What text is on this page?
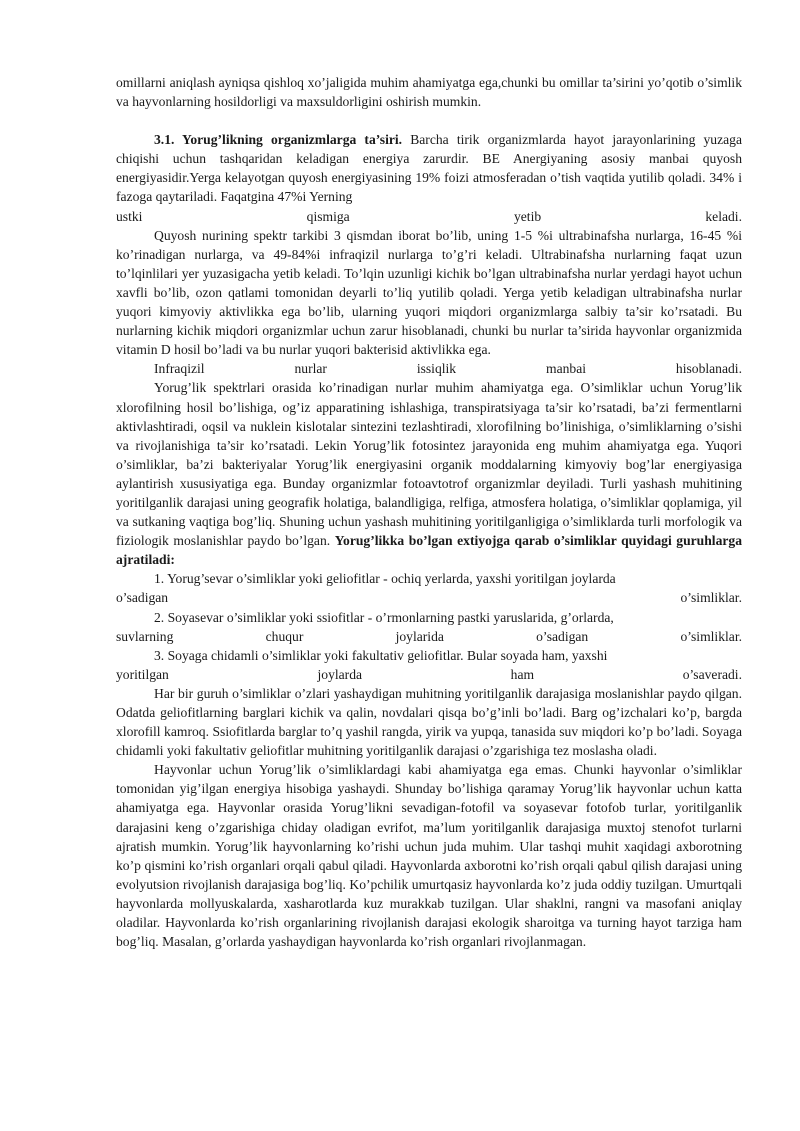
omillarni aniqlash ayniqsa qishloq xo’jaligida muhim ahamiyatga ega,chunki bu omillar ta’sirini yo’qotib o’simlik va hayvonlarning hosildorligi va maxsuldorligini oshirish mumkin.

3.1. Yorug’likning organizmlarga ta’siri. Barcha tirik organizmlarda hayot jarayonlarining yuzaga chiqishi uchun tashqaridan keladigan energiya zarurdir. BE Anergiyaning asosiy manbai quyosh energiyasidir.Yerga kelayotgan quyosh energiyasining 19% foizi atmosferadan o’tish vaqtida yutilib qoladi. 34% i fazoga qaytariladi. Faqatgina 47%i Yerning

ustki qismiga yetib keladi.

Quyosh nurining spektr tarkibi 3 qismdan iborat bo’lib, uning 1-5 %i ultrabinafsha nurlarga, 16-45 %i ko’rinadigan nurlarga, va 49-84%i infraqizil nurlarga to’g’ri keladi. Ultrabinafsha nurlarning faqat uzun to’lqinlilari yer yuzasigacha yetib keladi. To’lqin uzunligi kichik bo’lgan ultrabinafsha nurlar yerdagi hayot uchun xavfli bo’lib, ozon qatlami tomonidan deyarli to’liq yutilib qoladi. Yerga yetib keladigan ultrabinafsha nurlar yuqori kimyoviy aktivlikka ega bo’lib, ularning yuqori miqdori organizmlarga salbiy ta’sir ko’rsatadi. Bu nurlarning kichik miqdori organizmlar uchun zarur hisoblanadi, chunki bu nurlar ta’sirida hayvonlar organizmida vitamin D hosil bo’ladi va bu nurlar yuqori bakterisid aktivlikka ega.

Infraqizil nurlar issiqlik manbai hisoblanadi.

Yorug’lik spektrlari orasida ko’rinadigan nurlar muhim ahamiyatga ega. O’simliklar uchun Yorug’lik xlorofilning hosil bo’lishiga, og’iz apparatining ishlashiga, transpiratsiyaga ta’sir ko’rsatadi, ba’zi fermentlarni aktivlashtiradi, oqsil va nuklein kislotalar sintezini tezlashtiradi, xlorofilning bo’linishiga, o’simliklarning o’sishi va rivojlanishiga ta’sir ko’rsatadi. Lekin Yorug’lik fotosintez jarayonida eng muhim ahamiyatga ega. Yuqori o’simliklar, ba’zi bakteriyalar Yorug’lik energiyasini organik moddalarning kimyoviy bog’lar energiyasiga aylantirish xususiyatiga ega. Bunday organizmlar fotoavtotrof organizmlar deyiladi. Turli yashash muhitining yoritilganlik darajasi uning geografik holatiga, balandligiga, relfiga, atmosfera holatiga, o’simliklar qoplamiga, yil va sutkaning vaqtiga bog’liq. Shuning uchun yashash muhitining yoritilganligiga o’simliklarda turli morfologik va fiziologik moslanishlar paydo bo’lgan. Yorug’likka bo’lgan extiyojga qarab o’simliklar quyidagi guruhlarga ajratiladi:

1. Yorug’sevar o’simliklar yoki geliofitlar - ochiq yerlarda, yaxshi yoritilgan joylarda

o’sadigan	o’simliklar.

2. Soyasevar o’simliklar yoki ssiofitlar - o’rmonlarning pastki yaruslarida, g’orlarda,

suvlarning chuqur joylarida o’sadigan o’simliklar.

3. Soyaga chidamli o’simliklar yoki fakultativ geliofitlar. Bular soyada ham, yaxshi

yoritilgan joylarda ham o’saveradi.

Har bir guruh o’simliklar o’zlari yashaydigan muhitning yoritilganlik darajasiga moslanishlar paydo qilgan. Odatda geliofitlarning barglari kichik va qalin, novdalari qisqa bo’g’inli bo’ladi. Barg og’izchalari ko’p, bargda xlorofill kamroq. Ssiofitlarda barglar to’q yashil rangda, yirik va yupqa, tanasida suv miqdori ko’p bo’ladi. Soyaga chidamli yoki fakultativ geliofitlar muhitning yoritilganlik darajasi o’zgarishiga tez moslasha oladi.

Hayvonlar uchun Yorug’lik o’simliklardagi kabi ahamiyatga ega emas. Chunki hayvonlar o’simliklar tomonidan yig’ilgan energiya hisobiga yashaydi. Shunday bo’lishiga qaramay Yorug’lik hayvonlar uchun katta ahamiyatga ega. Hayvonlar orasida Yorug’likni sevadigan-fotofil va soyasevar fotofob turlar, yoritilganlik darajasini keng o’zgarishiga chiday oladigan evrifot, ma’lum yoritilganlik darajasiga muxtoj stenofot turlarni ajratish mumkin. Yorug’lik hayvonlarning ko’rishi uchun juda muhim. Ular tashqi muhit xaqidagi axborotning ko’p qismini ko’rish organlari orqali qabul qiladi. Hayvonlarda axborotni ko’rish orqali qabul qilish darajasi uning evolyutsion rivojlanish darajasiga bog’liq. Ko’pchilik umurtqasiz hayvonlarda ko’z juda oddiy tuzilgan. Umurtqali hayvonlarda mollyuskalarda, xasharotlarda kuz murakkab tuzilgan. Ular shaklni, rangni va masofani aniqlay oladilar. Hayvonlarda ko’rish organlarining rivojlanish darajasi ekologik sharoitga va turning hayot tarziga ham bog’liq. Masalan, g’orlarda yashaydigan hayvonlarda ko’rish organlari rivojlanmagan.
